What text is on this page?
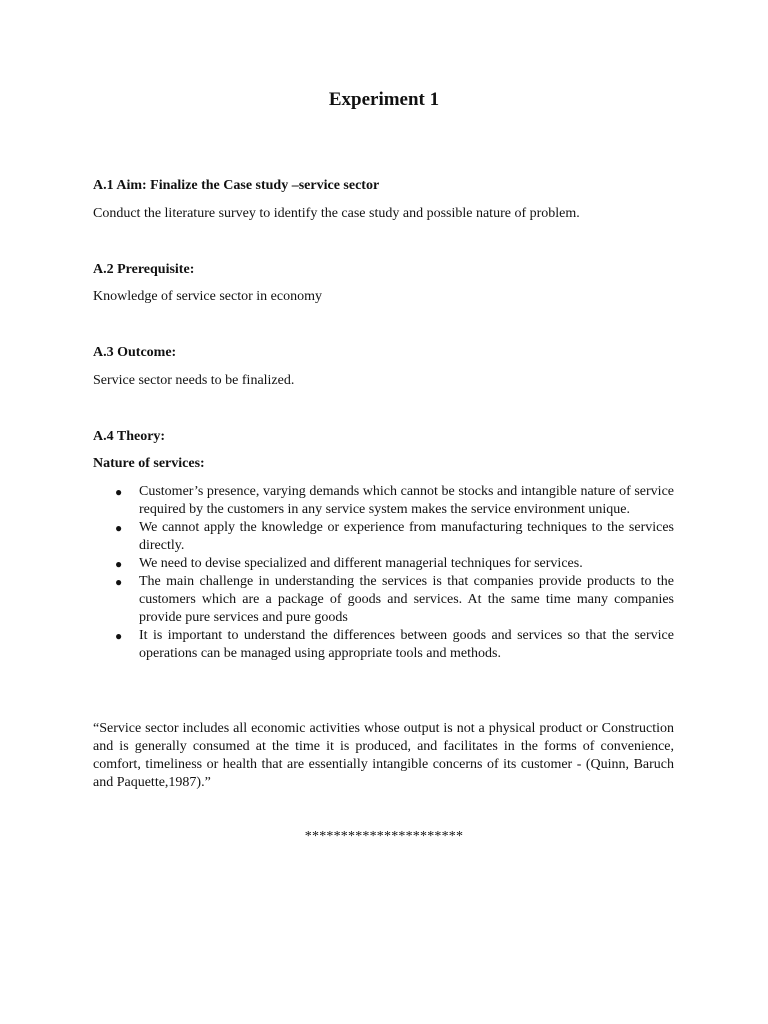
Experiment 1
A.1 Aim: Finalize the Case study –service sector
Conduct the literature survey to identify the case study and possible nature of problem.
A.2 Prerequisite:
Knowledge of service sector in economy
A.3 Outcome:
Service sector needs to be finalized.
A.4 Theory:
Nature of services:
● Customer’s presence, varying demands which cannot be stocks and intangible nature of service required by the customers in any service system makes the service environment unique.
● We cannot apply the knowledge or experience from manufacturing techniques to the services directly.
● We need to devise specialized and different managerial techniques for services.
● The main challenge in understanding the services is that companies provide products to the customers which are a package of goods and services. At the same time many companies provide pure services and pure goods
● It is important to understand the differences between goods and services so that the service operations can be managed using appropriate tools and methods.
“Service sector includes all economic activities whose output is not a physical product or Construction and is generally consumed at the time it is produced, and facilitates in the forms of convenience, comfort, timeliness or health that are essentially intangible concerns of its customer - (Quinn, Baruch and Paquette,1987).”
**********************
